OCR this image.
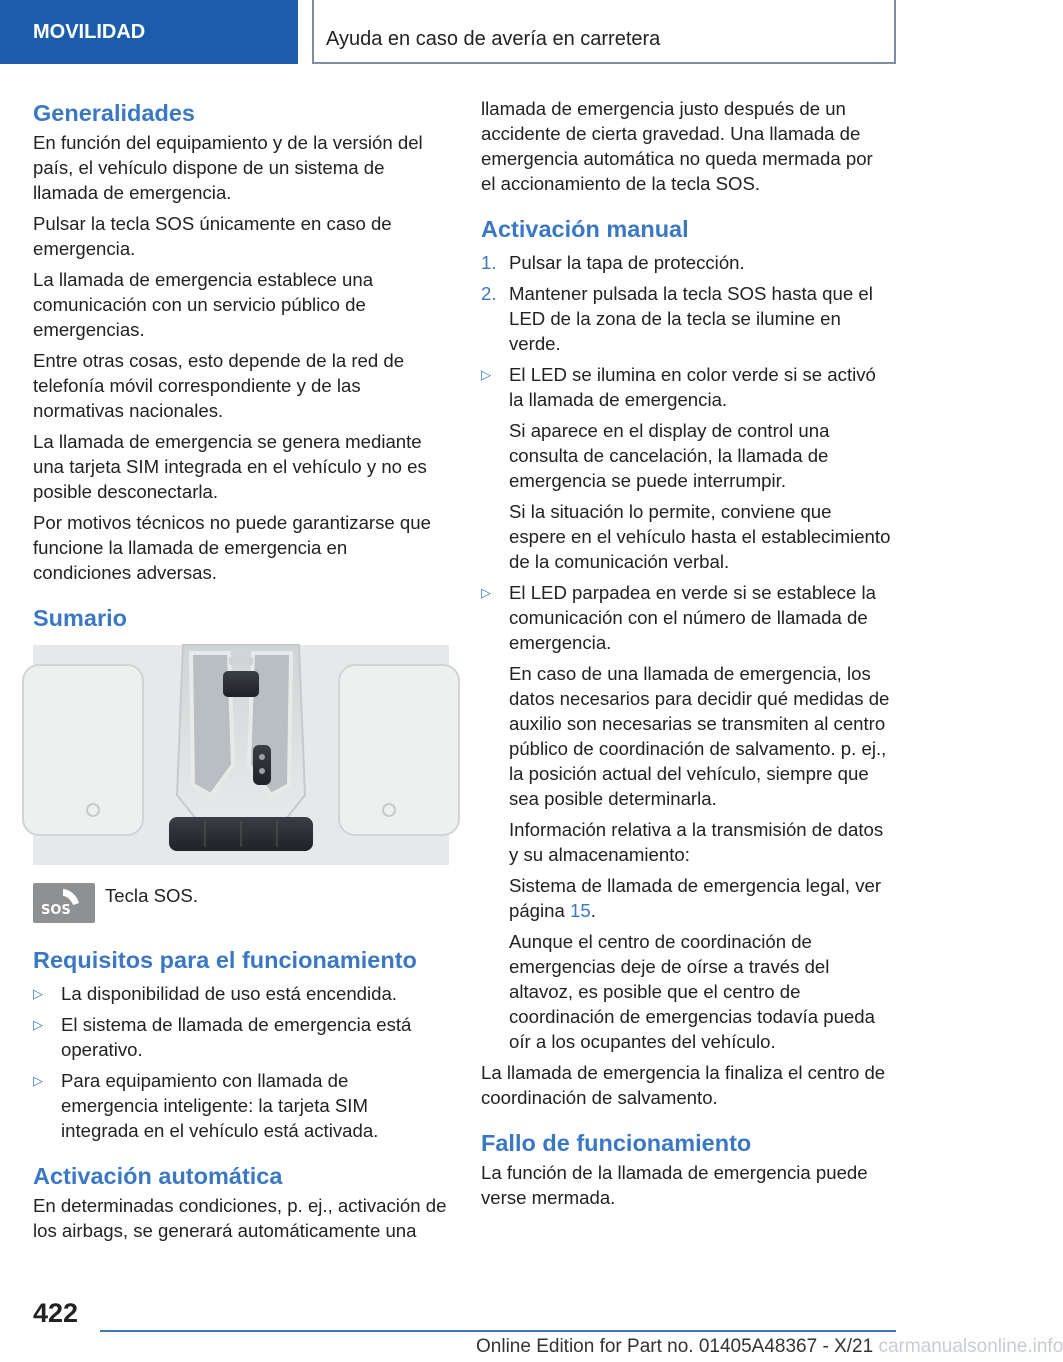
MOVILIDAD	Ayuda en caso de avería en carretera
Generalidades

En función del equipamiento y de la versión del país, el vehículo dispone de un sistema de llamada de emergencia.

Pulsar la tecla SOS únicamente en caso de emergencia.

La llamada de emergencia establece una comunicación con un servicio público de emergencias.

Entre otras cosas, esto depende de la red de telefonía móvil correspondiente y de las normativas nacionales.

La llamada de emergencia se genera mediante una tarjeta SIM integrada en el vehículo y no es posible desconectarla.

Por motivos técnicos no puede garantizarse que funcione la llamada de emergencia en condiciones adversas.

Sumario
SOS
Tecla SOS.
Requisitos para el funcionamiento
▷ La disponibilidad de uso está encendida.
▷ El sistema de llamada de emergencia está operativo.
▷ Para equipamiento con llamada de emergencia inteligente: la tarjeta SIM integrada en el vehículo está activada.
Activación automática

En determinadas condiciones, p. ej., activación de los airbags, se generará automáticamente una

llamada de emergencia justo después de un accidente de cierta gravedad. Una llamada de emergencia automática no queda mermada por el accionamiento de la tecla SOS.

Activación manual
1. Pulsar la tapa de protección.
2. Mantener pulsada la tecla SOS hasta que el LED de la zona de la tecla se ilumine en verde.
▷ El LED se ilumina en color verde si se activó la llamada de emergencia.
Si aparece en el display de control una consulta de cancelación, la llamada de emergencia se puede interrumpir.
Si la situación lo permite, conviene que espere en el vehículo hasta el establecimiento de la comunicación verbal.
▷ El LED parpadea en verde si se establece la comunicación con el número de llamada de emergencia.
En caso de una llamada de emergencia, los datos necesarios para decidir qué medidas de auxilio son necesarias se transmiten al centro público de coordinación de salvamento. p. ej., la posición actual del vehículo, siempre que sea posible determinarla.
Información relativa a la transmisión de datos y su almacenamiento:
Sistema de llamada de emergencia legal, ver página 15.
Aunque el centro de coordinación de emergencias deje de oírse a través del altavoz, es posible que el centro de coordinación de emergencias todavía pueda oír a los ocupantes del vehículo.

La llamada de emergencia la finaliza el centro de coordinación de salvamento.

Fallo de funcionamiento

La función de la llamada de emergencia puede verse mermada.

422
Online Edition for Part no. 01405A48367 - X/21 carmanualsonline.info
